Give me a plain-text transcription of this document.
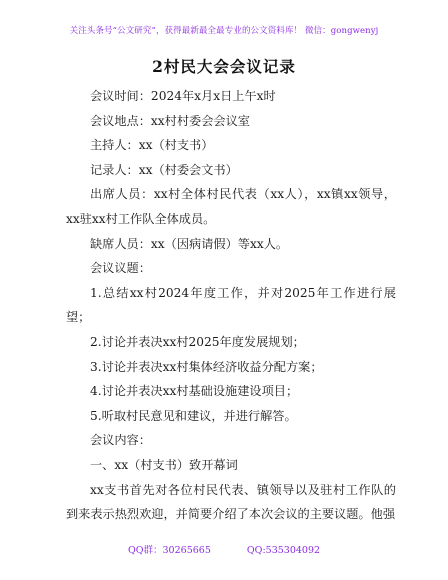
关注头条号“公文研究”，获得最新最全最专业的公文资料库！ 微信：gongwenyj
2村民大会会议记录

会议时间：2024年x月x日上午x时

会议地点：xx村村委会会议室

主持人：xx（村支书）

记录人：xx（村委会文书）

出席人员：xx村全体村民代表（xx人），xx镇xx领导，xx驻xx村工作队全体成员。

缺席人员：xx（因病请假）等xx人。

会议议题：

1.总结xx村2024年度工作，并对2025年工作进行展望；

2.讨论并表决xx村2025年度发展规划；

3.讨论并表决xx村集体经济收益分配方案；

4.讨论并表决xx村基础设施建设项目；

5.听取村民意见和建议，并进行解答。

会议内容：

一、xx（村支书）致开幕词

xx支书首先对各位村民代表、镇领导以及驻村工作队的到来表示热烈欢迎，并简要介绍了本次会议的主要议题。他强

QQ群：30265665	QQ:535304092
